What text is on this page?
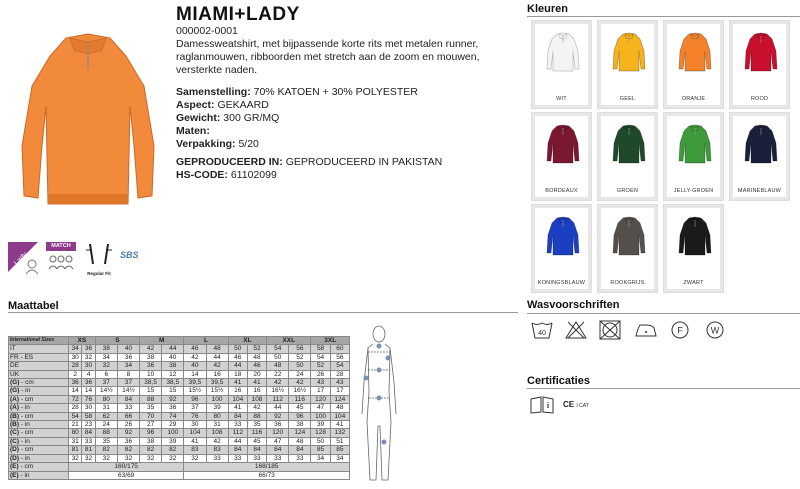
MIAMI+LADY
000002-0001
Damessweatshirt, met bijpassende korte rits met metalen runner, raglanmouwen, ribboorden met stretch aan de zoom en mouwen, versterkte naden.
Samenstelling: 70% KATOEN + 30% POLYESTER
Aspect: GEKAARD
Gewicht: 300 GR/MQ
Maten:
Verpakking: 5/20
GEPRODUCEERD IN: GEPRODUCEERD IN PAKISTAN
HS-CODE: 61102099
Lady
MATCH
Regular Fit
SBS
Kleuren
WIT	GEEL	ORANJE	ROOD
BORDEAUX	GROEN	JELLY-GROEN	MARINEBLAUW
KONINGSBLAUW	ROOKGRIJS	ZWART
Maattabel
International Sizes	XS		S		M		L		XL		XXL		3XL	
IT	34	36	38	40	42	44	46	48	50	52	54	56	58	60
FR - ES	30	32	34	36	38	40	42	44	46	48	50	52	54	56
DE	28	30	32	34	36	38	40	42	44	46	48	50	52	54
UK	2	4	6	8	10	12	14	16	18	20	22	24	26	28
(G) - cm	36	36	37	37	38,5	38,5	39,5	39,5	41	41	42	42	43	43
(G) - in	14	14	14½	14½	15	15	15½	15½	16	16	16½	16½	17	17
(A) - cm	72	76	80	84	88	92	96	100	104	108	112	116	120	124
(A) - in	28	30	31	33	35	36	37	39	41	42	44	45	47	48
(B) - cm	54	58	62	66	70	74	76	80	84	88	92	96	100	104
(B) - in	21	23	24	26	27	29	30	31	33	35	36	38	39	41
(C) - cm	80	84	88	92	96	100	104	108	112	116	120	124	128	132
(C) - in	31	33	35	36	38	39	41	42	44	45	47	48	50	51
(D) - cm	81	81	82	82	82	82	83	83	84	84	84	84	85	85
(D) - in	32	32	32	32	32	32	32	33	33	33	33	33	34	34
(E) - cm	160/175						168/185							
(E) - in	63/69						66/73							
Wasvoorschriften
40	F	W
Certificaties
i CE I CAT
